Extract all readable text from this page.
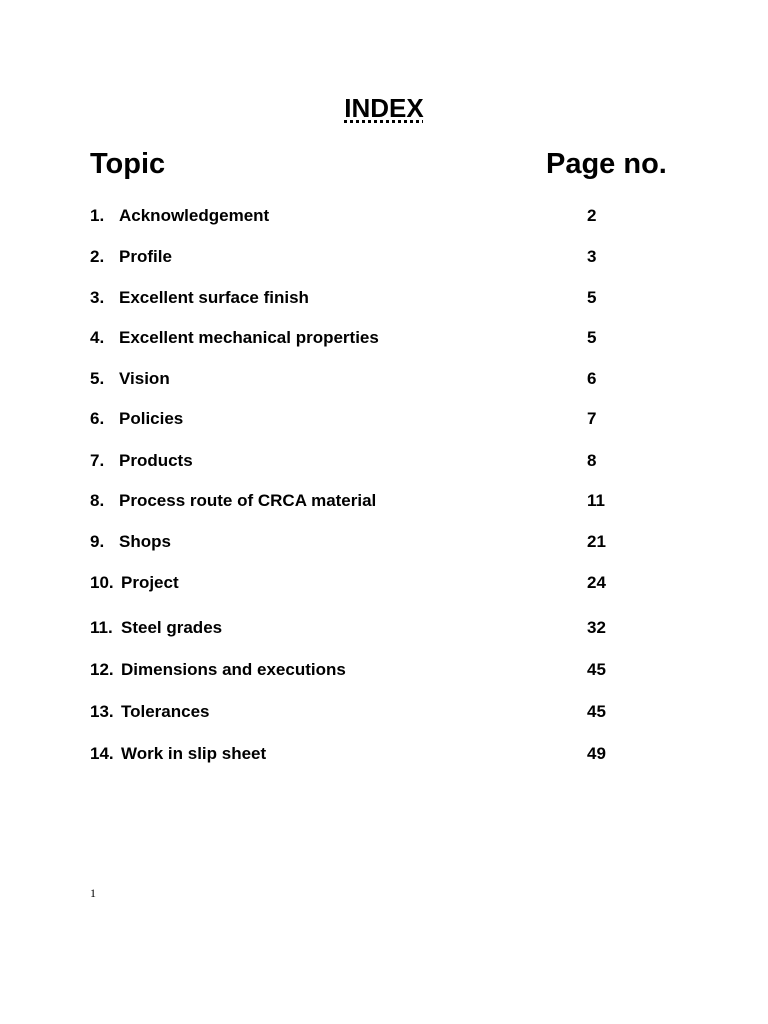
INDEX
Topic	Page no.
1. Acknowledgement	2
2. Profile	3
3. Excellent surface finish	5
4. Excellent mechanical properties	5
5. Vision	6
6. Policies	7
7. Products	8
8. Process route of CRCA material	11
9. Shops	21
10. Project	24
11. Steel grades	32
12. Dimensions and executions	45
13. Tolerances	45
14. Work in slip sheet	49
1
